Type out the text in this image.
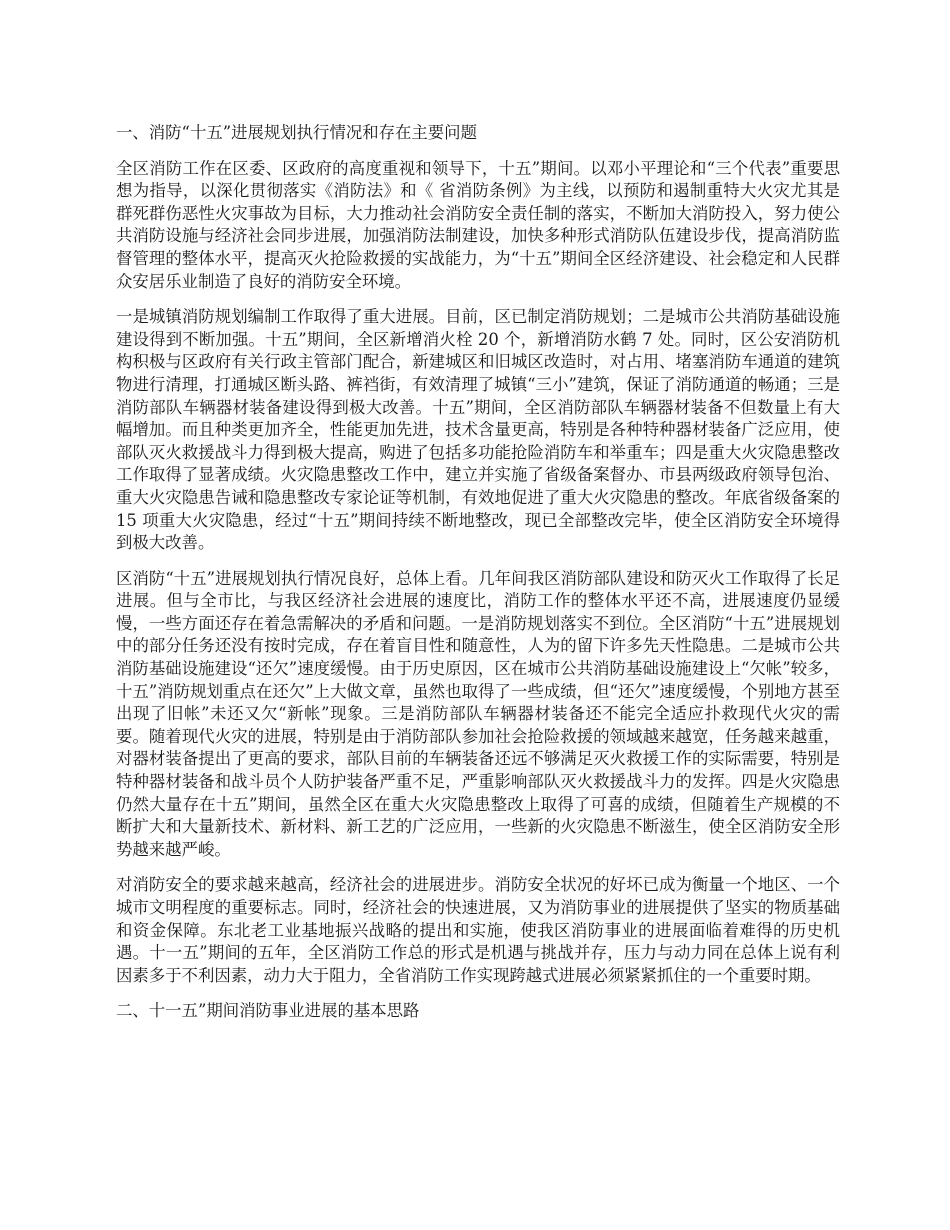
一、消防“十五”进展规划执行情况和存在主要问题

全区消防工作在区委、区政府的高度重视和领导下，十五”期间。以邓小平理论和“三个代表”重要思想为指导，以深化贯彻落实《消防法》和《 省消防条例》为主线，以预防和遏制重特大火灾尤其是群死群伤恶性火灾事故为目标，大力推动社会消防安全责任制的落实，不断加大消防投入，努力使公共消防设施与经济社会同步进展，加强消防法制建设，加快多种形式消防队伍建设步伐，提高消防监督管理的整体水平，提高灭火抢险救援的实战能力，为“十五”期间全区经济建设、社会稳定和人民群众安居乐业制造了良好的消防安全环境。

一是城镇消防规划编制工作取得了重大进展。目前，区已制定消防规划；二是城市公共消防基础设施建设得到不断加强。十五”期间，全区新增消火栓 20 个，新增消防水鹤 7 处。同时，区公安消防机构积极与区政府有关行政主管部门配合，新建城区和旧城区改造时，对占用、堵塞消防车通道的建筑物进行清理，打通城区断头路、裤裆街，有效清理了城镇“三小”建筑，保证了消防通道的畅通；三是消防部队车辆器材装备建设得到极大改善。十五”期间，全区消防部队车辆器材装备不但数量上有大幅增加。而且种类更加齐全，性能更加先进，技术含量更高，特别是各种特种器材装备广泛应用，使部队灭火救援战斗力得到极大提高，购进了包括多功能抢险消防车和举重车；四是重大火灾隐患整改工作取得了显著成绩。火灾隐患整改工作中，建立并实施了省级备案督办、市县两级政府领导包治、重大火灾隐患告诫和隐患整改专家论证等机制，有效地促进了重大火灾隐患的整改。年底省级备案的 15 项重大火灾隐患，经过“十五”期间持续不断地整改，现已全部整改完毕，使全区消防安全环境得到极大改善。

区消防“十五”进展规划执行情况良好，总体上看。几年间我区消防部队建设和防灭火工作取得了长足进展。但与全市比，与我区经济社会进展的速度比，消防工作的整体水平还不高，进展速度仍显缓慢，一些方面还存在着急需解决的矛盾和问题。一是消防规划落实不到位。全区消防“十五”进展规划中的部分任务还没有按时完成，存在着盲目性和随意性，人为的留下许多先天性隐患。二是城市公共消防基础设施建设“还欠”速度缓慢。由于历史原因，区在城市公共消防基础设施建设上“欠帐”较多，十五”消防规划重点在还欠”上大做文章，虽然也取得了一些成绩，但“还欠”速度缓慢，个别地方甚至出现了旧帐”未还又欠“新帐”现象。三是消防部队车辆器材装备还不能完全适应扑救现代火灾的需要。随着现代火灾的进展，特别是由于消防部队参加社会抢险救援的领域越来越宽，任务越来越重，对器材装备提出了更高的要求，部队目前的车辆装备还远不够满足灭火救援工作的实际需要，特别是特种器材装备和战斗员个人防护装备严重不足，严重影响部队灭火救援战斗力的发挥。四是火灾隐患仍然大量存在十五”期间，虽然全区在重大火灾隐患整改上取得了可喜的成绩，但随着生产规模的不断扩大和大量新技术、新材料、新工艺的广泛应用，一些新的火灾隐患不断滋生，使全区消防安全形势越来越严峻。

对消防安全的要求越来越高，经济社会的进展进步。消防安全状况的好坏已成为衡量一个地区、一个城市文明程度的重要标志。同时，经济社会的快速进展，又为消防事业的进展提供了坚实的物质基础和资金保障。东北老工业基地振兴战略的提出和实施，使我区消防事业的进展面临着难得的历史机遇。十一五”期间的五年，全区消防工作总的形式是机遇与挑战并存，压力与动力同在总体上说有利因素多于不利因素，动力大于阻力，全省消防工作实现跨越式进展必须紧紧抓住的一个重要时期。

二、十一五”期间消防事业进展的基本思路
